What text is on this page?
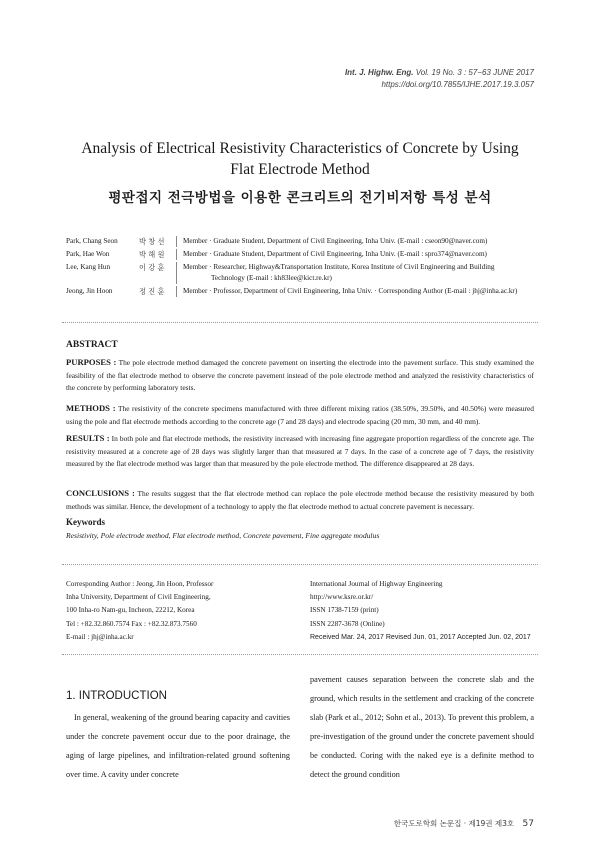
Int. J. Highw. Eng. Vol. 19 No. 3 : 57−63 JUNE 2017
https://doi.org/10.7855/IJHE.2017.19.3.057
Analysis of Electrical Resistivity Characteristics of Concrete by Using
Flat Electrode Method
평판접지 전극방법을 이용한 콘크리트의 전기비저항 특성 분석
Park, Chang Seon	박 창 선	Member · Graduate Student, Department of Civil Engineering, Inha Univ. (E-mail : cseon90@naver.com)
Park, Hae Won	박 해 원	Member · Graduate Student, Department of Civil Engineering, Inha Univ. (E-mail : spro374@naver.com)
Lee, Kang Hun	이 강 훈	Member · Researcher, Highway&Transportation Institute, Korea Institute of Civil Engineering and Building
Technology (E-mail : kh83lee@kict.re.kr)
Jeong, Jin Hoon	정 진 훈	Member · Professor, Department of Civil Engineering, Inha Univ. · Corresponding Author (E-mail : jhj@inha.ac.kr)
ABSTRACT
PURPOSES : The pole electrode method damaged the concrete pavement on inserting the electrode into the pavement surface. This study examined the feasibility of the flat electrode method to observe the concrete pavement instead of the pole electrode method and analyzed the resistivity characteristics of the concrete by performing laboratory tests.
METHODS : The resistivity of the concrete specimens manufactured with three different mixing ratios (38.50%, 39.50%, and 40.50%) were measured using the pole and flat electrode methods according to the concrete age (7 and 28 days) and electrode spacing (20 mm, 30 mm, and 40 mm).
RESULTS : In both pole and flat electrode methods, the resistivity increased with increasing fine aggregate proportion regardless of the concrete age. The resistivity measured at a concrete age of 28 days was slightly larger than that measured at 7 days. In the case of a concrete age of 7 days, the resistivity measured by the flat electrode method was larger than that measured by the pole electrode method. The difference disappeared at 28 days.
CONCLUSIONS : The results suggest that the flat electrode method can replace the pole electrode method because the resistivity measured by both methods was similar. Hence, the development of a technology to apply the flat electrode method to actual concrete pavement is necessary.
Keywords
Resistivity, Pole electrode method, Flat electrode method, Concrete pavement, Fine aggregate modulus
Corresponding Author : Jeong, Jin Hoon, Professor
Inha University, Department of Civil Engineering,
100 Inha-ro Nam-gu, Incheon, 22212, Korea
Tel : +82.32.860.7574 Fax : +82.32.873.7560
E-mail : jhj@inha.ac.kr
International Journal of Highway Engineering
http://www.ksre.or.kr/
ISSN 1738-7159 (print)
ISSN 2287-3678 (Online)
Received Mar. 24, 2017 Revised Jun. 01, 2017 Accepted Jun. 02, 2017
1. INTRODUCTION
In general, weakening of the ground bearing capacity and cavities under the concrete pavement occur due to the poor drainage, the aging of large pipelines, and infiltration-related ground softening over time. A cavity under concrete
pavement causes separation between the concrete slab and the ground, which results in the settlement and cracking of the concrete slab (Park et al., 2012; Sohn et al., 2013). To prevent this problem, a pre-investigation of the ground under the concrete pavement should be conducted. Coring with the naked eye is a definite method to detect the ground condition
한국도로학회 논문집 · 제19권 제3호 57
